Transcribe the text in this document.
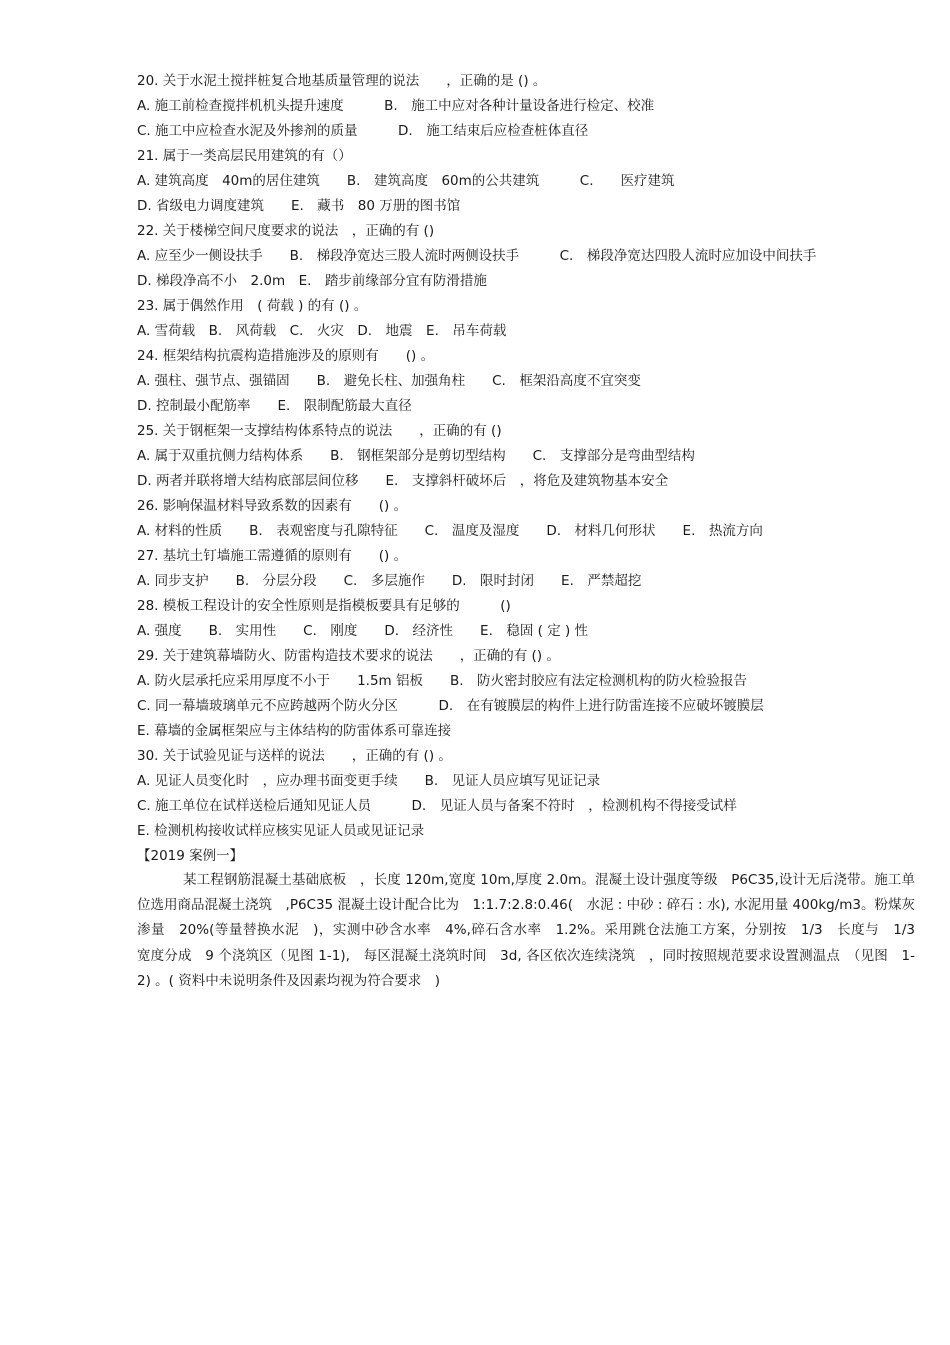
20. 关于水泥土搅拌桩复合地基质量管理的说法　　，正确的是 () 。
A. 施工前检查搅拌机机头提升速度　　　B.　施工中应对各种计量设备进行检定、校准
C. 施工中应检查水泥及外掺剂的质量　　　D.　施工结束后应检查桩体直径
21. 属于一类高层民用建筑的有（）
A. 建筑高度　40m的居住建筑　　B.　建筑高度　60m的公共建筑　　　C.　　医疗建筑
D. 省级电力调度建筑　　E.　藏书　80 万册的图书馆
22. 关于楼梯空间尺度要求的说法　，正确的有 ()
A. 应至少一侧设扶手　　B.　梯段净宽达三股人流时两侧设扶手　　　C.　梯段净宽达四股人流时应加设中间扶手
D. 梯段净高不小　2.0m　E.　踏步前缘部分宜有防滑措施
23. 属于偶然作用　( 荷载 ) 的有 () 。
A. 雪荷载　B.　风荷载　C.　火灾　D.　地震　E.　吊车荷载
24. 框架结构抗震构造措施涉及的原则有　　() 。
A. 强柱、强节点、强锚固　　B.　避免长柱、加强角柱　　C.　框架沿高度不宜突变
D. 控制最小配筋率　　E.　限制配筋最大直径
25. 关于钢框架一支撑结构体系特点的说法　　，正确的有 ()
A. 属于双重抗侧力结构体系　　B.　钢框架部分是剪切型结构　　C.　支撑部分是弯曲型结构
D. 两者并联将增大结构底部层间位移　　E.　支撑斜杆破坏后　，将危及建筑物基本安全
26. 影响保温材料导致系数的因素有　　() 。
A. 材料的性质　　B.　表观密度与孔隙特征　　C.　温度及湿度　　D.　材料几何形状　　E.　热流方向
27. 基坑土钉墙施工需遵循的原则有　　() 。
A. 同步支护　　B.　分层分段　　C.　多层施作　　D.　限时封闭　　E.　严禁超挖
28. 模板工程设计的安全性原则是指模板要具有足够的　　　()
A. 强度　　B.　实用性　　C.　刚度　　D.　经济性　　E.　稳固 ( 定 ) 性
29. 关于建筑幕墙防火、防雷构造技术要求的说法　　，正确的有 () 。
A. 防火层承托应采用厚度不小于　　1.5m 铝板　　B.　防火密封胶应有法定检测机构的防火检验报告
C. 同一幕墙玻璃单元不应跨越两个防火分区　　　D.　在有镀膜层的构件上进行防雷连接不应破坏镀膜层
E. 幕墙的金属框架应与主体结构的防雷体系可靠连接
30. 关于试验见证与送样的说法　　，正确的有 () 。
A. 见证人员变化时　，应办理书面变更手续　　B.　见证人员应填写见证记录
C. 施工单位在试样送检后通知见证人员　　　D.　见证人员与备案不符时　，检测机构不得接受试样
E. 检测机构接收试样应核实见证人员或见证记录
【2019 案例一】
某工程钢筋混凝土基础底板　，长度 120m,宽度 10m,厚度 2.0m。混凝土设计强度等级　P6C35,设计无后浇带。施工单位选用商品混凝土浇筑　,P6C35 混凝土设计配合比为　1:1.7:2.8:0.46(　水泥 : 中砂 : 碎石 : 水), 水泥用量 400kg/m3。粉煤灰渗量　20%(等量替换水泥　)，实测中砂含水率　4%,碎石含水率　1.2%。采用跳仓法施工方案，分别按　1/3　长度与　1/3　宽度分成　9 个浇筑区（见图 1-1),　每区混凝土浇筑时间　3d, 各区依次连续浇筑　，同时按照规范要求设置测温点　（见图　1-2) 。( 资料中未说明条件及因素均视为符合要求　)
